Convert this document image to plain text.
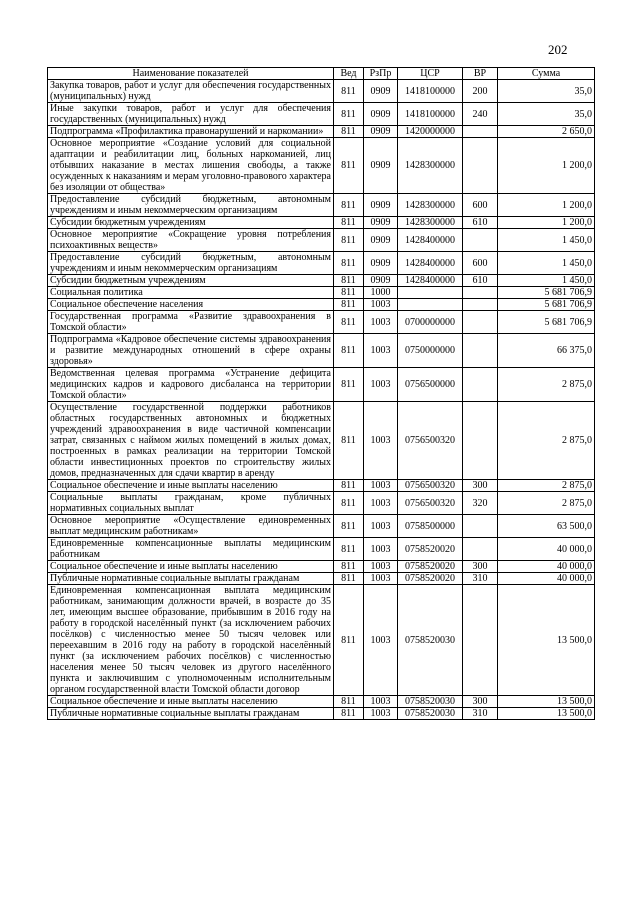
202
Наименование показателей	Вед	РзПр	ЦСР	ВР	Сумма
Закупка товаров, работ и услуг для обеспечения государственных (муниципальных) нужд	811	0909	1418100000	200	35,0
Иные закупки товаров, работ и услуг для обеспечения государственных (муниципальных) нужд	811	0909	1418100000	240	35,0
Подпрограмма «Профилактика правонарушений и наркомании»	811	0909	1420000000		2 650,0
Основное мероприятие «Создание условий для социальной адаптации и реабилитации лиц, больных наркоманией, лиц отбывших наказание в местах лишения свободы, а также осужденных к наказаниям и мерам уголовно-правового характера без изоляции от общества»	811	0909	1428300000		1 200,0
Предоставление субсидий бюджетным, автономным учреждениям и иным некоммерческим организациям	811	0909	1428300000	600	1 200,0
Субсидии бюджетным учреждениям	811	0909	1428300000	610	1 200,0
Основное мероприятие «Сокращение уровня потребления психоактивных веществ»	811	0909	1428400000		1 450,0
Предоставление субсидий бюджетным, автономным учреждениям и иным некоммерческим организациям	811	0909	1428400000	600	1 450,0
Субсидии бюджетным учреждениям	811	0909	1428400000	610	1 450,0
Социальная политика	811	1000			5 681 706,9
Социальное обеспечение населения	811	1003			5 681 706,9
Государственная программа «Развитие здравоохранения в Томской области»	811	1003	0700000000		5 681 706,9
Подпрограмма «Кадровое обеспечение системы здравоохранения и развитие международных отношений в сфере охраны здоровья»	811	1003	0750000000		66 375,0
Ведомственная целевая программа «Устранение дефицита медицинских кадров и кадрового дисбаланса на территории Томской области»	811	1003	0756500000		2 875,0
Осуществление государственной поддержки работников областных государственных автономных и бюджетных учреждений здравоохранения в виде частичной компенсации затрат, связанных с наймом жилых помещений в жилых домах, построенных в рамках реализации на территории Томской области инвестиционных проектов по строительству жилых домов, предназначенных для сдачи квартир в аренду	811	1003	0756500320		2 875,0
Социальное обеспечение и иные выплаты населению	811	1003	0756500320	300	2 875,0
Социальные выплаты гражданам, кроме публичных нормативных социальных выплат	811	1003	0756500320	320	2 875,0
Основное мероприятие «Осуществление единовременных выплат медицинским работникам»	811	1003	0758500000		63 500,0
Единовременные компенсационные выплаты медицинским работникам	811	1003	0758520020		40 000,0
Социальное обеспечение и иные выплаты населению	811	1003	0758520020	300	40 000,0
Публичные нормативные социальные выплаты гражданам	811	1003	0758520020	310	40 000,0
Единовременная компенсационная выплата медицинским работникам, занимающим должности врачей, в возрасте до 35 лет, имеющим высшее образование, прибывшим в 2016 году на работу в городской населённый пункт (за исключением рабочих посёлков) с численностью менее 50 тысяч человек или переехавшим в 2016 году на работу в городской населённый пункт (за исключением рабочих посёлков) с численностью населения менее 50 тысяч человек из другого населённого пункта и заключившим с уполномоченным исполнительным органом государственной власти Томской области договор	811	1003	0758520030		13 500,0
Социальное обеспечение и иные выплаты населению	811	1003	0758520030	300	13 500,0
Публичные нормативные социальные выплаты гражданам	811	1003	0758520030	310	13 500,0
